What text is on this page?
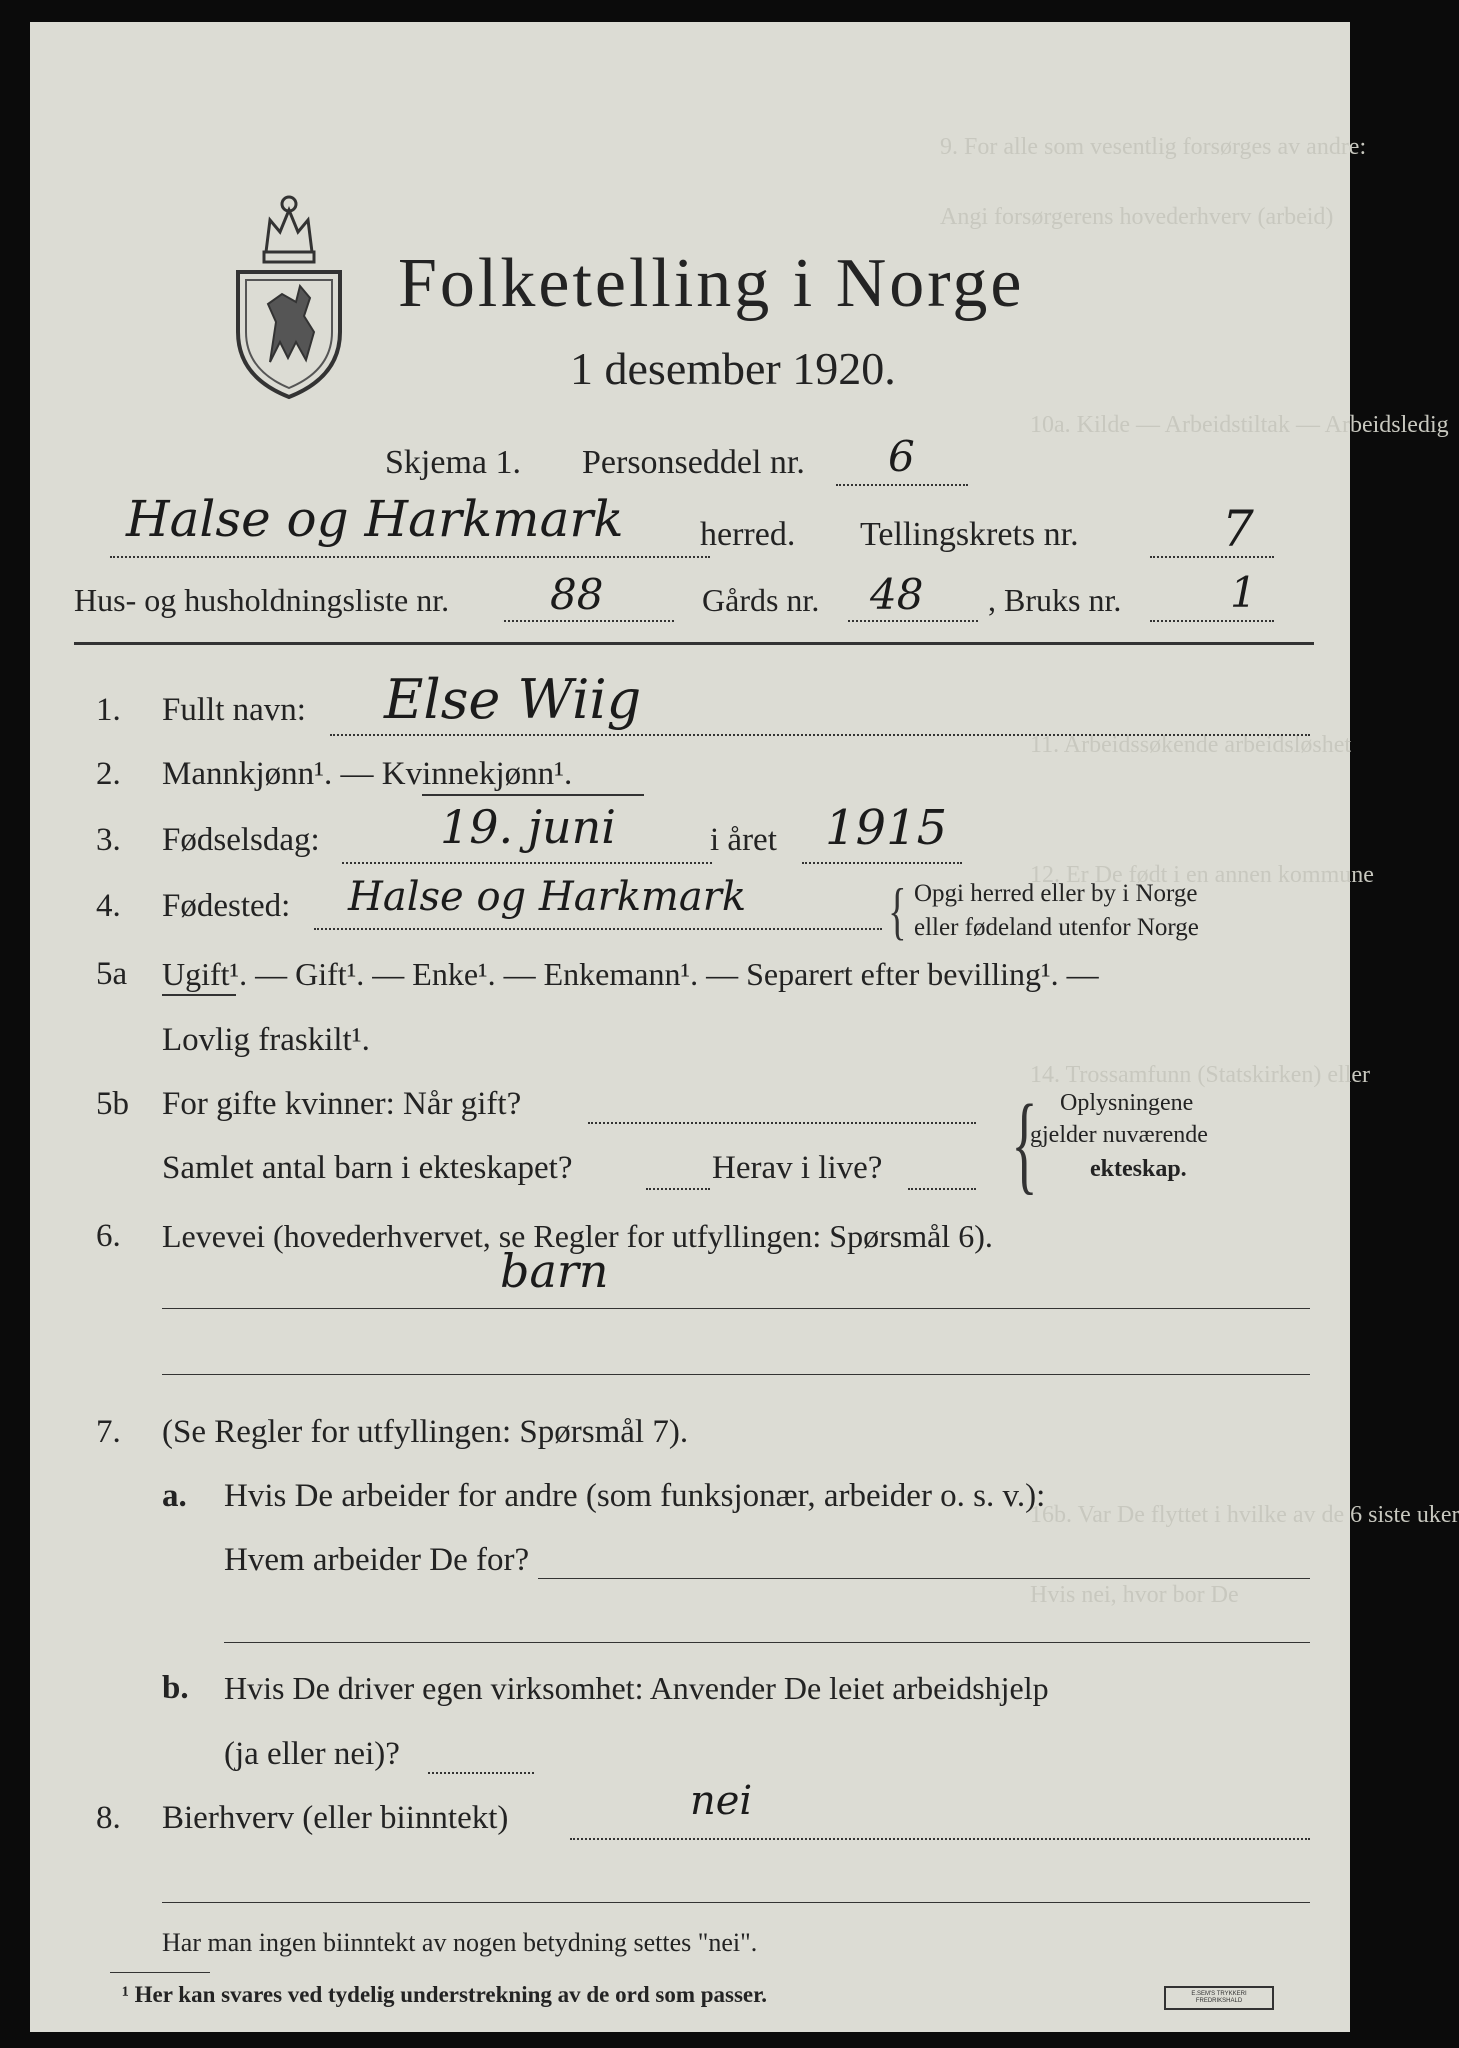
9. For alle som vesentlig forsørges av andre:
Angi forsørgerens hovederhverv (arbeid)
10a. Kilde — Arbeidstiltak — Arbeidsledig
11. Arbeidssøkende arbeidsløshet
12. Er De født i en annen kommune
14. Trossamfunn (Statskirken) eller
16b. Var De flyttet i hvilke av de 6 siste uker
Hvis nei, hvor bor De
Folketelling i Norge
1 desember 1920.
Skjema 1. Personseddel nr. 6
Halse og Harkmark herred. Tellingskrets nr.	7
Hus- og husholdningsliste nr. 88	Gårds nr. 48 , Bruks nr.	1
1. Fullt navn: Else Wiig
2. Mannkjønn¹. — Kvinnekjønn¹.
3. Fødselsdag:	19. juni	i året 1915
4. Fødested: Halse og Harkmark { Opgi herred eller by i Norge
eller fødeland utenfor Norge
5a Ugift¹. — Gift¹. — Enke¹. — Enkemann¹. — Separert efter bevilling¹. —
Lovlig fraskilt¹.
5b For gifte kvinner: Når gift?
Samlet antal barn i ekteskapet?	Herav i live? { Oplysningene
gjelder nuværende
ekteskap.
6. Levevei (hovederhvervet, se Regler for utfyllingen: Spørsmål 6).
barn
7. (Se Regler for utfyllingen: Spørsmål 7).
a. Hvis De arbeider for andre (som funksjonær, arbeider o. s. v.):
Hvem arbeider De for?
b. Hvis De driver egen virksomhet: Anvender De leiet arbeidshjelp
(ja eller nei)?
8. Bierhverv (eller biinntekt)	nei
Har man ingen biinntekt av nogen betydning settes "nei".
¹ Her kan svares ved tydelig understrekning av de ord som passer.	E.SEM'S TRYKKERI FREDRIKSHALD
